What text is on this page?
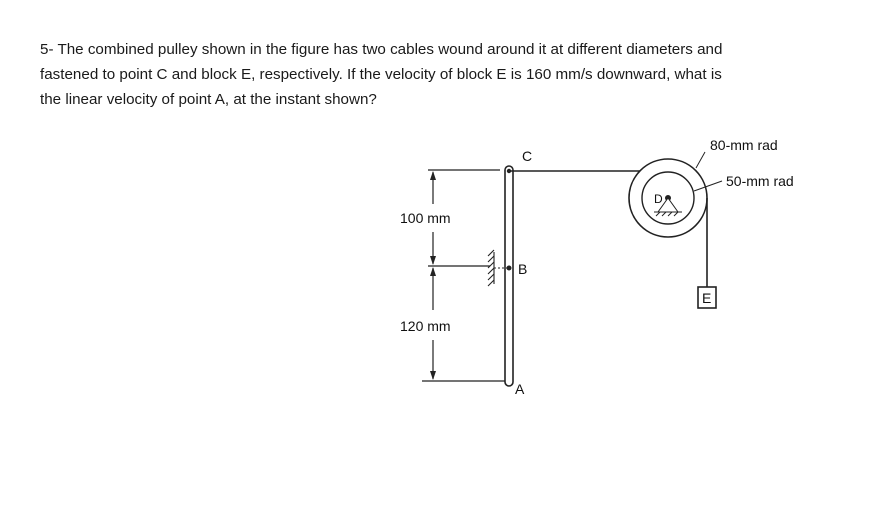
5- The combined pulley shown in the figure has two cables wound around it at different diameters and
fastened to point C and block E, respectively. If the velocity of block E is 160 mm/s downward, what is
the linear velocity of point A, at the instant shown?
100 mm
120 mm
C
B
A
D
E
80-mm rad
50-mm rad
